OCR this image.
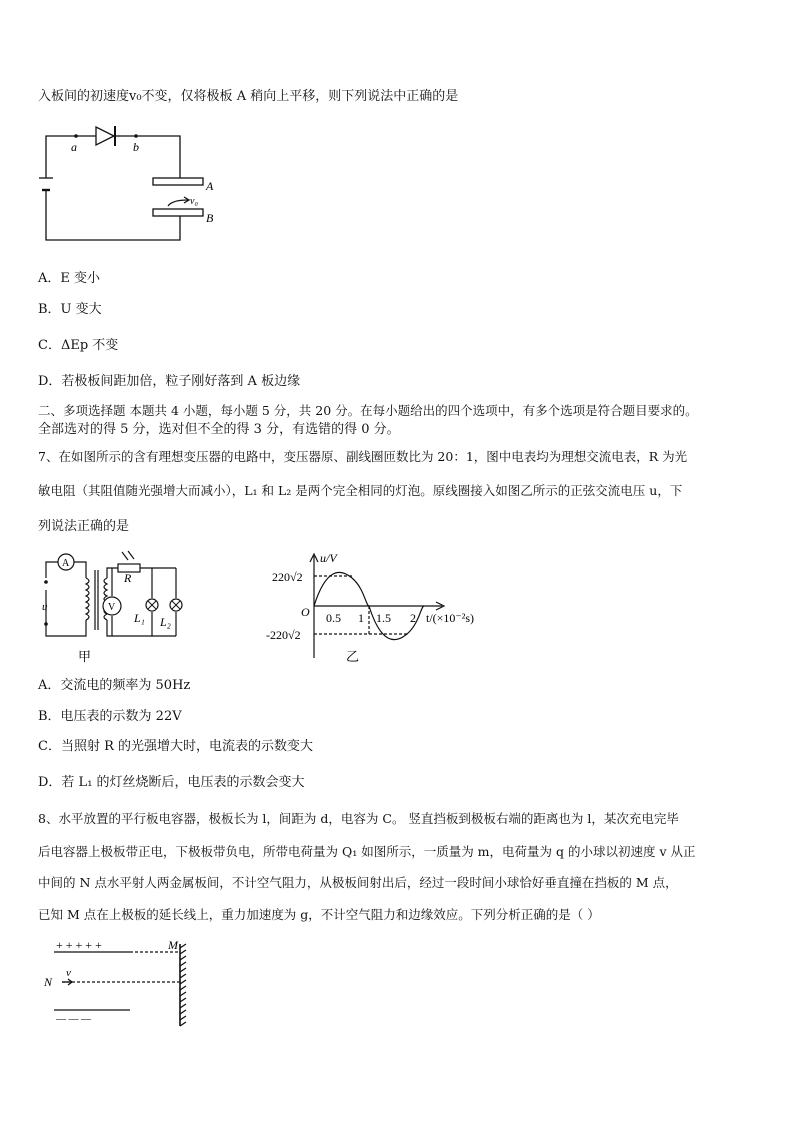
入板间的初速度v₀不变，仅将极板 A 稍向上平移，则下列说法中正确的是
a	b
A
B
v₀
A．E 变小
B．U 变大
C．ΔEp 不变
D．若极板间距加倍，粒子刚好落到 A 板边缘
二、多项选择题 本题共 4 小题，每小题 5 分，共 20 分。在每小题给出的四个选项中，有多个选项是符合题目要求的。
全部选对的得 5 分，选对但不全的得 3 分，有选错的得 0 分。
7、在如图所示的含有理想变压器的电路中，变压器原、副线圈匝数比为 20：1，图中电表均为理想交流电表，R 为光
敏电阻（其阻值随光强增大而减小），L₁ 和 L₂ 是两个完全相同的灯泡。原线圈接入如图乙所示的正弦交流电压 u，下
列说法正确的是
A
V
u
R
L₁ L₂
甲
u/V
220√2
-220√2
O 0.5 1 1.5 2 t/(×10⁻²s)
乙
A．交流电的频率为 50Hz
B．电压表的示数为 22V
C．当照射 R 的光强增大时，电流表的示数变大
D．若 L₁ 的灯丝烧断后，电压表的示数会变大
8、水平放置的平行板电容器，极板长为 l，间距为 d，电容为 C。 竖直挡板到极板右端的距离也为 l，某次充电完毕
后电容器上极板带正电，下极板带负电，所带电荷量为 Q₁ 如图所示，一质量为 m，电荷量为 q 的小球以初速度 v 从正
中间的 N 点水平射人两金属板间，不计空气阻力，从极板间射出后，经过一段时间小球恰好垂直撞在挡板的 M 点，
已知 M 点在上极板的延长线上，重力加速度为 g，不计空气阻力和边缘效应。下列分析正确的是（ ）
+ + + + +
— — —
M
N
v
